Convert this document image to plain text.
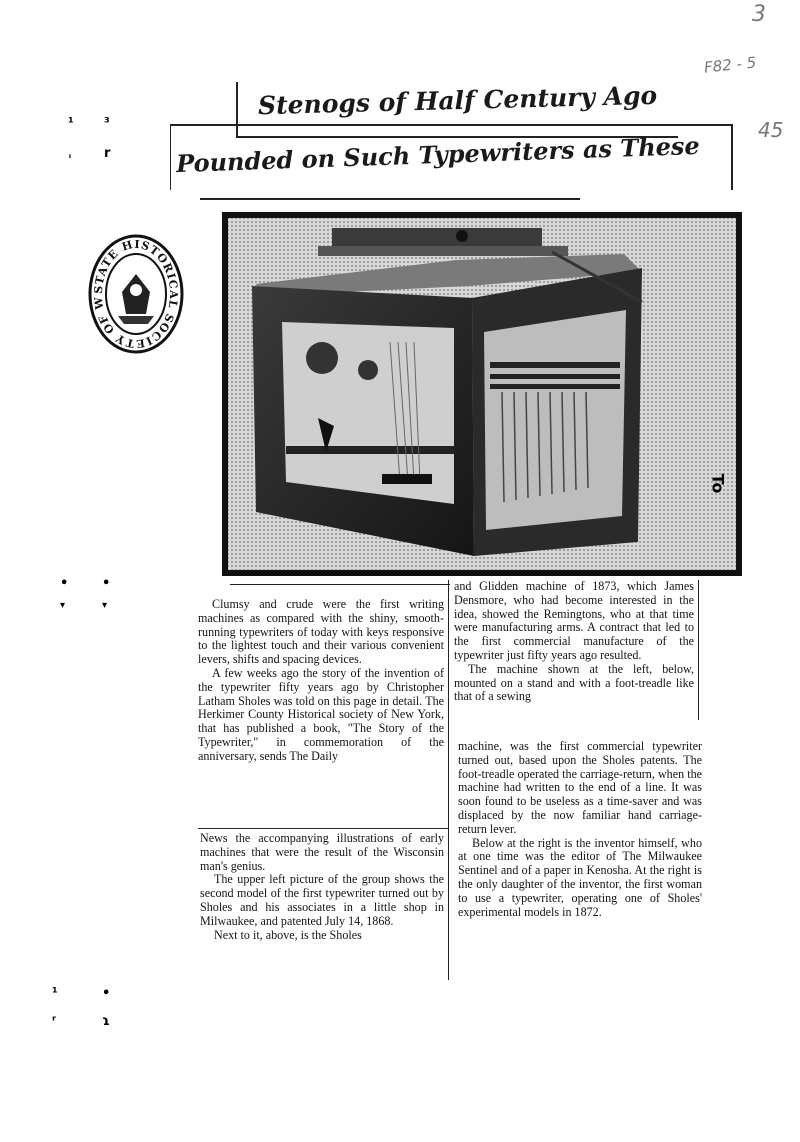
3
F82 - 5
45
Stenogs of Half Century Ago
Pounded on Such Typewriters as These
STATE HISTORICAL SOCIETY OF W
To
¹ ³
ˌ r
•	•
▾	▾
¹	•
ʳ	ɿ

Clumsy and crude were the first writing machines as compared with the shiny, smooth-running typewriters of today with keys responsive to the lightest touch and their various convenient levers, shifts and spacing devices.

A few weeks ago the story of the invention of the typewriter fifty years ago by Christopher Latham Sholes was told on this page in detail. The Herkimer County Historical society of New York, that has published a book, "The Story of the Typewriter," in commemoration of the anniversary, sends The Daily

News the accompanying illustrations of early machines that were the result of the Wisconsin man's genius.

The upper left picture of the group shows the second model of the first typewriter turned out by Sholes and his associates in a little shop in Milwaukee, and patented July 14, 1868.

Next to it, above, is the Sholes

and Glidden machine of 1873, which James Densmore, who had become interested in the idea, showed the Remingtons, who at that time were manufacturing arms. A contract that led to the first commercial manufacture of the typewriter just fifty years ago resulted.

The machine shown at the left, below, mounted on a stand and with a foot-treadle like that of a sewing

machine, was the first commercial typewriter turned out, based upon the Sholes patents. The foot-treadle operated the carriage-return, when the machine had written to the end of a line. It was soon found to be useless as a time-saver and was displaced by the now familiar hand carriage-return lever.

Below at the right is the inventor himself, who at one time was the editor of The Milwaukee Sentinel and of a paper in Kenosha. At the right is the only daughter of the inventor, the first woman to use a typewriter, operating one of Sholes' experimental models in 1872.
